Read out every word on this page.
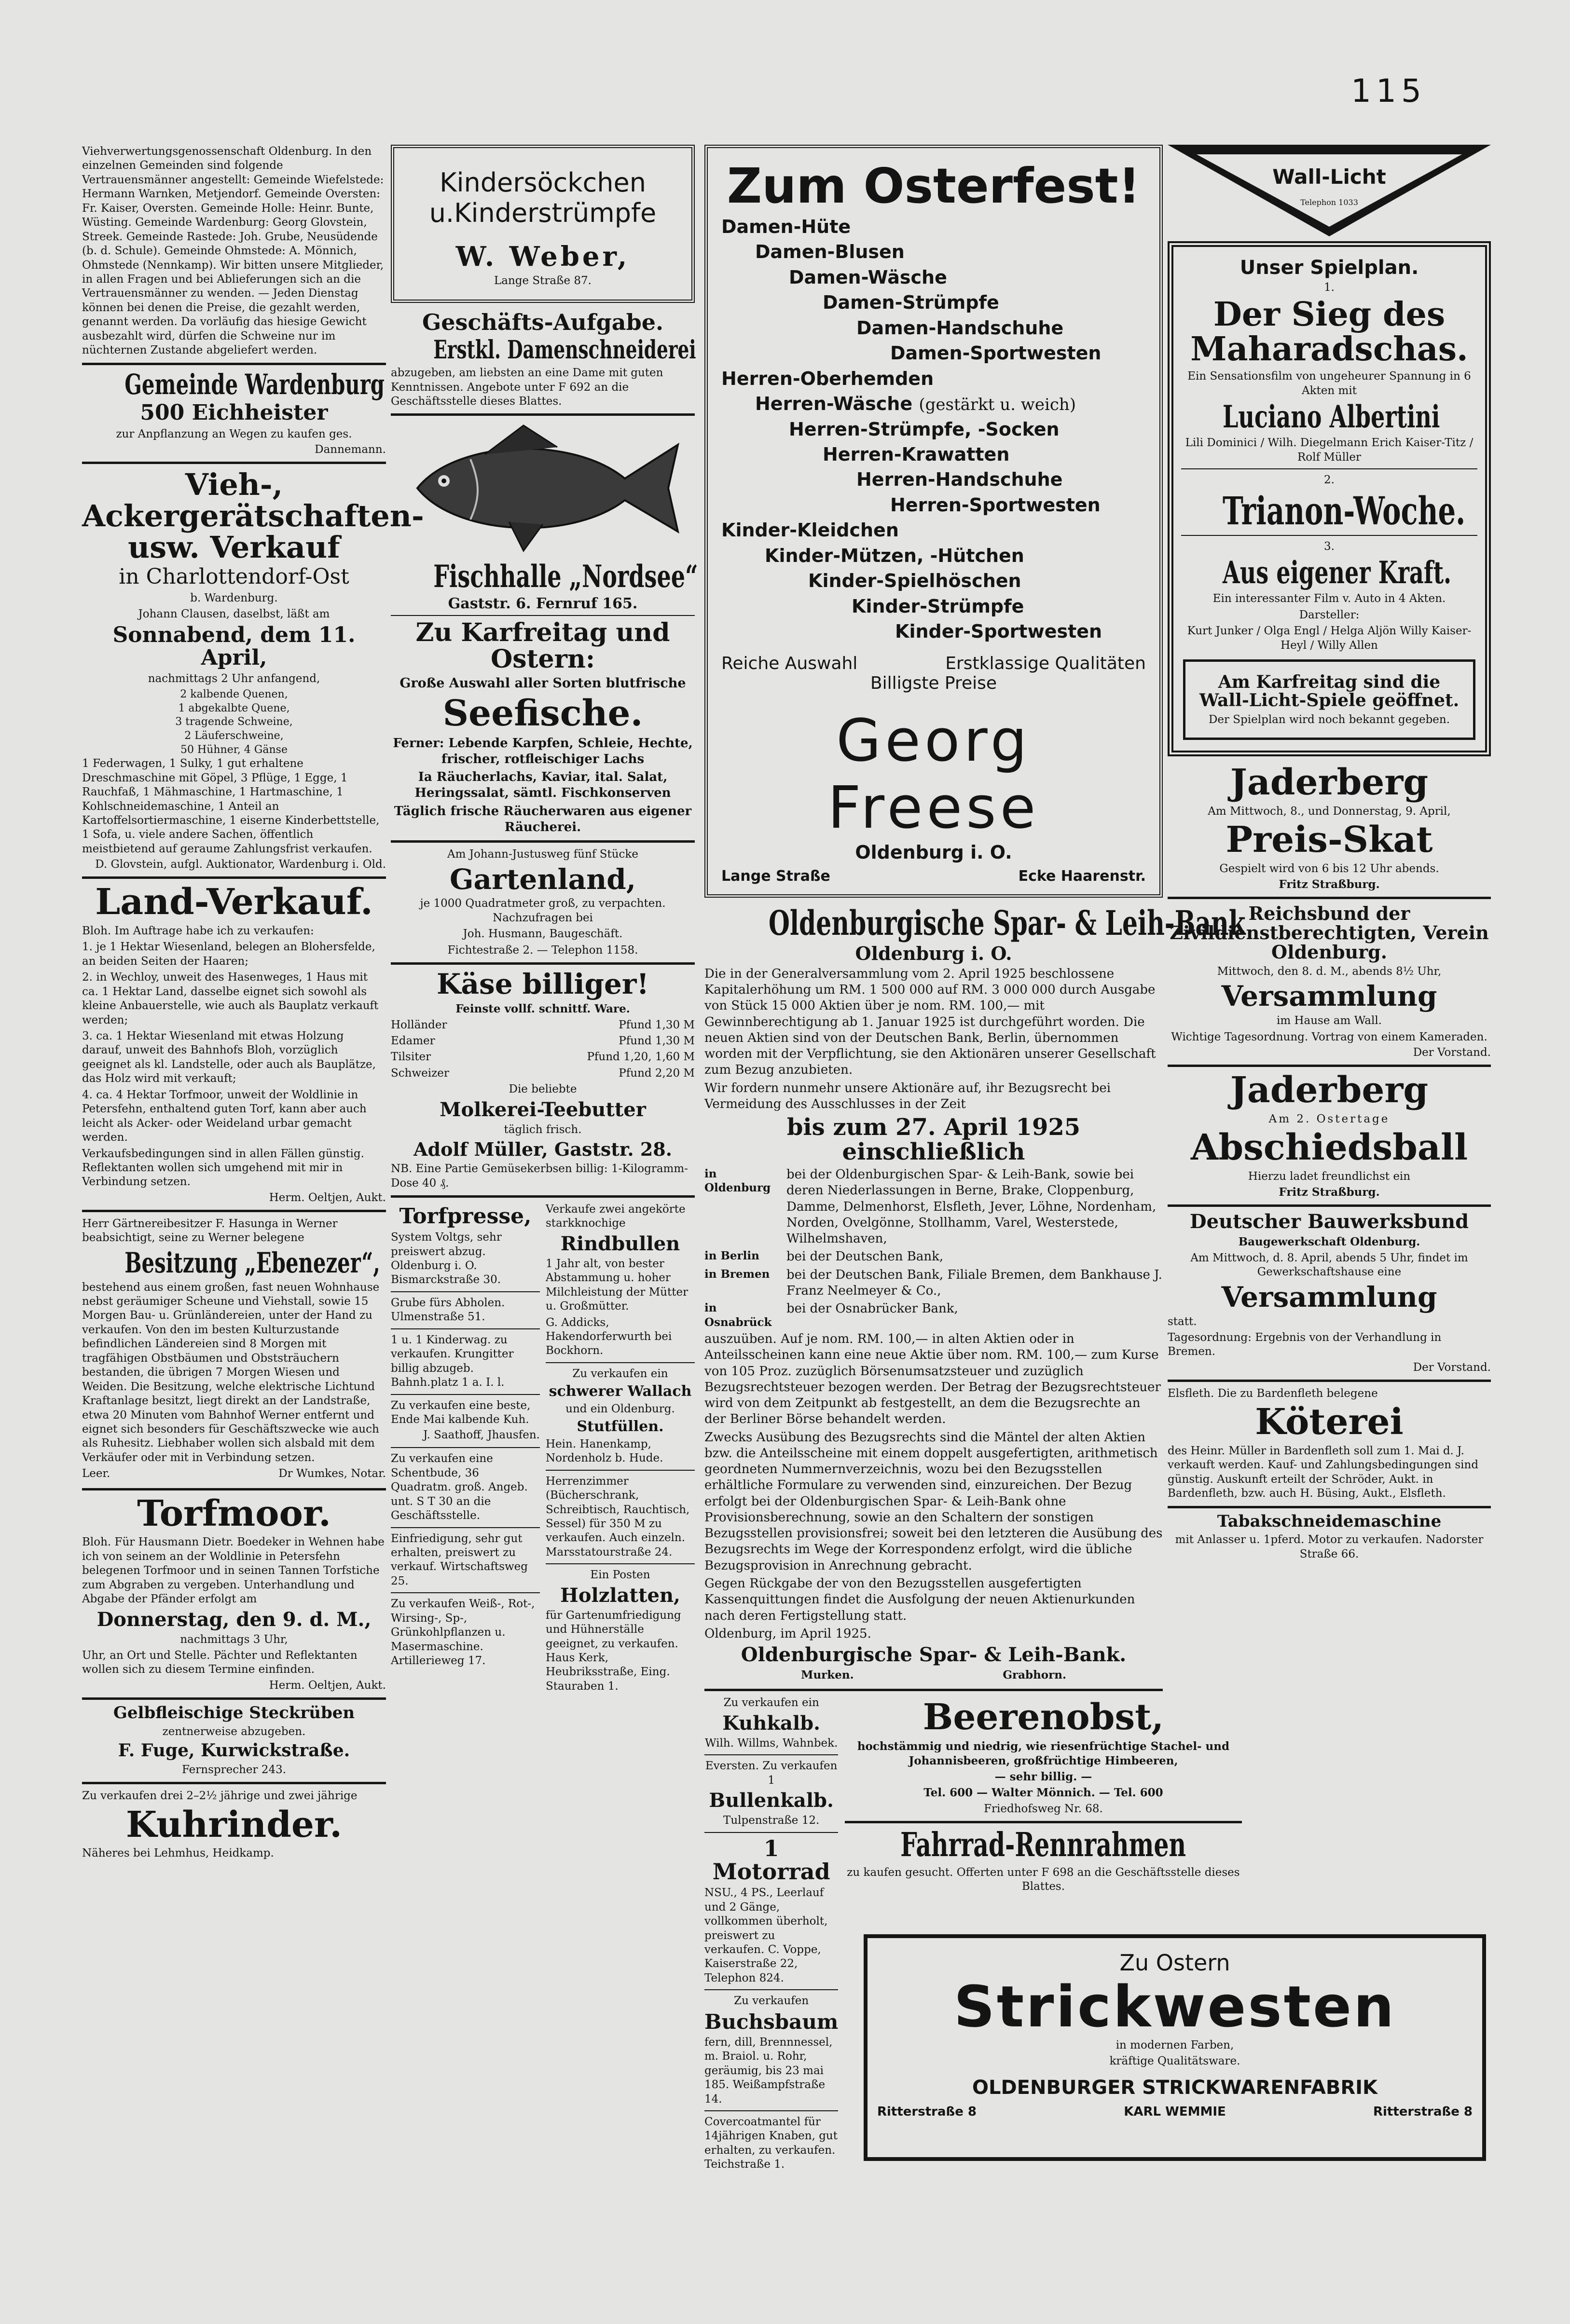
115

Viehverwertungsgenossenschaft Oldenburg. In den einzelnen Gemeinden sind folgende Vertrauensmänner angestellt: Gemeinde Wiefelstede: Hermann Warnken, Metjendorf. Gemeinde Oversten: Fr. Kaiser, Oversten. Gemeinde Holle: Heinr. Bunte, Wüsting. Gemeinde Wardenburg: Georg Glovstein, Streek. Gemeinde Rastede: Joh. Grube, Neusüdende (b. d. Schule). Gemeinde Ohmstede: A. Mönnich, Ohmstede (Nennkamp). Wir bitten unsere Mitglieder, in allen Fragen und bei Ablieferungen sich an die Vertrauensmänner zu wenden. — Jeden Dienstag können bei denen die Preise, die gezahlt werden, genannt werden. Da vorläufig das hiesige Gewicht ausbezahlt wird, dürfen die Schweine nur im nüchternen Zustande abgeliefert werden.

Gemeinde Wardenburg
500 Eichheister

zur Anpflanzung an Wegen zu kaufen ges.

Dannemann.

Vieh-, Ackergerätschaften- usw. Verkauf
in Charlottendorf-Ost

b. Wardenburg.

Johann Clausen, daselbst, läßt am

Sonnabend, dem 11. April,

nachmittags 2 Uhr anfangend,

2 kalbende Quenen,
1 abgekalbte Quene,
3 tragende Schweine,
2 Läuferschweine,
50 Hühner, 4 Gänse

1 Federwagen, 1 Sulky, 1 gut erhaltene Dreschmaschine mit Göpel, 3 Pflüge, 1 Egge, 1 Rauchfaß, 1 Mähmaschine, 1 Hartmaschine, 1 Kohlschneidemaschine, 1 Anteil an Kartoffelsortiermaschine, 1 eiserne Kinderbettstelle, 1 Sofa, u. viele andere Sachen, öffentlich meistbietend auf geraume Zahlungsfrist verkaufen.

D. Glovstein, aufgl. Auktionator, Wardenburg i. Old.

Land-Verkauf.

Bloh. Im Auftrage habe ich zu verkaufen:

1. je 1 Hektar Wiesenland, belegen an Blohersfelde, an beiden Seiten der Haaren;

2. in Wechloy, unweit des Hasenweges, 1 Haus mit ca. 1 Hektar Land, dasselbe eignet sich sowohl als kleine Anbauerstelle, wie auch als Bauplatz verkauft werden;

3. ca. 1 Hektar Wiesenland mit etwas Holzung darauf, unweit des Bahnhofs Bloh, vorzüglich geeignet als kl. Landstelle, oder auch als Bauplätze, das Holz wird mit verkauft;

4. ca. 4 Hektar Torfmoor, unweit der Woldlinie in Petersfehn, enthaltend guten Torf, kann aber auch leicht als Acker- oder Weideland urbar gemacht werden.

Verkaufsbedingungen sind in allen Fällen günstig. Reflektanten wollen sich umgehend mit mir in Verbindung setzen.

Herm. Oeltjen, Aukt.

Herr Gärtnereibesitzer F. Hasunga in Werner beabsichtigt, seine zu Werner belegene

Besitzung „Ebenezer“,

bestehend aus einem großen, fast neuen Wohnhause nebst geräumiger Scheune und Viehstall, sowie 15 Morgen Bau- u. Grünländereien, unter der Hand zu verkaufen. Von den im besten Kulturzustande befindlichen Ländereien sind 8 Morgen mit tragfähigen Obstbäumen und Obststräuchern bestanden, die übrigen 7 Morgen Wiesen und Weiden. Die Besitzung, welche elektrische Lichtund Kraftanlage besitzt, liegt direkt an der Landstraße, etwa 20 Minuten vom Bahnhof Werner entfernt und eignet sich besonders für Geschäftszwecke wie auch als Ruhesitz. Liebhaber wollen sich alsbald mit dem Verkäufer oder mit in Verbindung setzen.

Leer.	Dr Wumkes, Notar.
Torfmoor.

Bloh. Für Hausmann Dietr. Boedeker in Wehnen habe ich von seinem an der Woldlinie in Petersfehn belegenen Torfmoor und in seinen Tannen Torfstiche zum Abgraben zu vergeben. Unterhandlung und Abgabe der Pfänder erfolgt am

Donnerstag, den 9. d. M.,

nachmittags 3 Uhr,

Uhr, an Ort und Stelle. Pächter und Reflektanten wollen sich zu diesem Termine einfinden.

Herm. Oeltjen, Aukt.

Gelbfleischige Steckrüben

zentnerweise abzugeben.

F. Fuge, Kurwickstraße.

Fernsprecher 243.

Zu verkaufen drei 2–2½ jährige und zwei jährige

Kuhrinder.

Näheres bei Lehmhus, Heidkamp.

Kindersöckchen
u.Kinderstrümpfe
W. Weber,
Lange Straße 87.
Geschäfts-Aufgabe.
Erstkl. Damenschneiderei

abzugeben, am liebsten an eine Dame mit guten Kenntnissen. Angebote unter F 692 an die Geschäftsstelle dieses Blattes.

Fischhalle „Nordsee“
Gaststr. 6. Fernruf 165.
Zu Karfreitag und Ostern:

Große Auswahl aller Sorten blutfrische

Seefische.

Ferner: Lebende Karpfen, Schleie, Hechte, frischer, rotfleischiger Lachs

Ia Räucherlachs, Kaviar, ital. Salat, Heringssalat, sämtl. Fischkonserven

Täglich frische Räucherwaren aus eigener Räucherei.

Am Johann-Justusweg fünf Stücke

Gartenland,

je 1000 Quadratmeter groß, zu verpachten. Nachzufragen bei

Joh. Husmann, Baugeschäft.

Fichtestraße 2. — Telephon 1158.

Käse billiger!

Feinste vollf. schnittf. Ware.

Holländer	Pfund 1,30 M
Edamer	Pfund 1,30 M
Tilsiter	Pfund 1,20, 1,60 M
Schweizer	Pfund 2,20 M

Die beliebte

Molkerei-Teebutter

täglich frisch.

Adolf Müller, Gaststr. 28.

NB. Eine Partie Gemüsekerbsen billig: 1-Kilogramm-Dose 40 ₰.

Torfpresse,

System Voltgs, sehr preiswert abzug. Oldenburg i. O. Bismarckstraße 30.

Grube fürs Abholen. Ulmenstraße 51.

1 u. 1 Kinderwag. zu verkaufen. Krungitter billig abzugeb. Bahnh.platz 1 a. I. l.

Zu verkaufen eine beste, Ende Mai kalbende Kuh.

J. Saathoff, Jhausfen.

Zu verkaufen eine Schentbude, 36 Quadratm. groß. Angeb. unt. S T 30 an die Geschäftsstelle.

Einfriedigung, sehr gut erhalten, preiswert zu verkauf. Wirtschaftsweg 25.

Zu verkaufen Weiß-, Rot-, Wirsing-, Sp-, Grünkohlpflanzen u. Masermaschine. Artillerieweg 17.

Verkaufe zwei angekörte starkknochige

Rindbullen

1 Jahr alt, von bester Abstammung u. hoher Milchleistung der Mütter u. Großmütter.

G. Addicks, Hakendorferwurth bei Bockhorn.

Zu verkaufen ein

schwerer Wallach

und ein Oldenburg.

Stutfüllen.

Hein. Hanenkamp, Nordenholz b. Hude.

Herrenzimmer (Bücherschrank, Schreibtisch, Rauchtisch, Sessel) für 350 M zu verkaufen. Auch einzeln. Marsstatourstraße 24.

Ein Posten

Holzlatten,

für Gartenumfriedigung und Hühnerställe geeignet, zu verkaufen. Haus Kerk, Heubriksstraße, Eing. Stauraben 1.

Zum Osterfest!
Damen-Hüte
Damen-Blusen
Damen-Wäsche
Damen-Strümpfe
Damen-Handschuhe
Damen-Sportwesten
Herren-Oberhemden
Herren-Wäsche (gestärkt u. weich)
Herren-Strümpfe, -Socken
Herren-Krawatten
Herren-Handschuhe
Herren-Sportwesten
Kinder-Kleidchen
Kinder-Mützen, -Hütchen
Kinder-Spielhöschen
Kinder-Strümpfe
Kinder-Sportwesten
Reiche Auswahl	Erstklassige Qualitäten
Billigste Preise
Georg Freese
Oldenburg i. O.
Lange Straße	Ecke Haarenstr.
Oldenburgische Spar- & Leih-Bank
Oldenburg i. O.

Die in der Generalversammlung vom 2. April 1925 beschlossene Kapitalerhöhung um RM. 1 500 000 auf RM. 3 000 000 durch Ausgabe von Stück 15 000 Aktien über je nom. RM. 100,— mit Gewinnberechtigung ab 1. Januar 1925 ist durchgeführt worden. Die neuen Aktien sind von der Deutschen Bank, Berlin, übernommen worden mit der Verpflichtung, sie den Aktionären unserer Gesellschaft zum Bezug anzubieten.

Wir fordern nunmehr unsere Aktionäre auf, ihr Bezugsrecht bei Vermeidung des Ausschlusses in der Zeit

bis zum 27. April 1925 einschließlich
in Oldenburg
bei der Oldenburgischen Spar- & Leih-Bank, sowie bei deren Niederlassungen in Berne, Brake, Cloppenburg, Damme, Delmenhorst, Elsfleth, Jever, Löhne, Nordenham, Norden, Ovelgönne, Stollhamm, Varel, Westerstede, Wilhelmshaven,
in Berlin	bei der Deutschen Bank,
in Bremen	bei der Deutschen Bank, Filiale Bremen, dem Bankhause J. Franz Neelmeyer & Co.,
in Osnabrück
bei der Osnabrücker Bank,

auszuüben. Auf je nom. RM. 100,— in alten Aktien oder in Anteilsscheinen kann eine neue Aktie über nom. RM. 100,— zum Kurse von 105 Proz. zuzüglich Börsenumsatzsteuer und zuzüglich Bezugsrechtsteuer bezogen werden. Der Betrag der Bezugsrechtsteuer wird von dem Zeitpunkt ab festgestellt, an dem die Bezugsrechte an der Berliner Börse behandelt werden.

Zwecks Ausübung des Bezugsrechts sind die Mäntel der alten Aktien bzw. die Anteilsscheine mit einem doppelt ausgefertigten, arithmetisch geordneten Nummernverzeichnis, wozu bei den Bezugsstellen erhältliche Formulare zu verwenden sind, einzureichen. Der Bezug erfolgt bei der Oldenburgischen Spar- & Leih-Bank ohne Provisionsberechnung, sowie an den Schaltern der sonstigen Bezugsstellen provisionsfrei; soweit bei den letzteren die Ausübung des Bezugsrechts im Wege der Korrespondenz erfolgt, wird die übliche Bezugsprovision in Anrechnung gebracht.

Gegen Rückgabe der von den Bezugsstellen ausgefertigten Kassenquittungen findet die Ausfolgung der neuen Aktienurkunden nach deren Fertigstellung statt.

Oldenburg, im April 1925.

Oldenburgische Spar- & Leih-Bank.
Murken.	Grabhorn.

Zu verkaufen ein

Kuhkalb.

Wilh. Willms, Wahnbek.

Eversten. Zu verkaufen 1

Bullenkalb.

Tulpenstraße 12.

1 Motorrad

NSU., 4 PS., Leerlauf und 2 Gänge, vollkommen überholt, preiswert zu verkaufen. C. Voppe, Kaiserstraße 22, Telephon 824.

Zu verkaufen

Buchsbaum

fern, dill, Brennnessel, m. Braiol. u. Rohr, geräumig, bis 23 mai 185. Weißampfstraße 14.

Covercoatmantel für 14jährigen Knaben, gut erhalten, zu verkaufen. Teichstraße 1.

Beerenobst,

hochstämmig und niedrig, wie riesenfrüchtige Stachel- und Johannisbeeren, großfrüchtige Himbeeren,

— sehr billig. —

Tel. 600 — Walter Mönnich. — Tel. 600

Friedhofsweg Nr. 68.

Fahrrad-Rennrahmen

zu kaufen gesucht. Offerten unter F 698 an die Geschäftsstelle dieses Blattes.

Wall-Licht
Telephon 1033
Unser Spielplan.

1.

Der Sieg des Maharadschas.

Ein Sensationsfilm von ungeheurer Spannung in 6 Akten mit

Luciano Albertini

Lili Dominici / Wilh. Diegelmann Erich Kaiser-Titz / Rolf Müller

2.

Trianon-Woche.

3.

Aus eigener Kraft.

Ein interessanter Film v. Auto in 4 Akten.

Darsteller:

Kurt Junker / Olga Engl / Helga Aljön Willy Kaiser-Heyl / Willy Allen

Am Karfreitag sind die Wall-Licht-Spiele geöffnet.

Der Spielplan wird noch bekannt gegeben.

Jaderberg

Am Mittwoch, 8., und Donnerstag, 9. April,

Preis-Skat

Gespielt wird von 6 bis 12 Uhr abends.

Fritz Straßburg.

Reichsbund der Zivildienstberechtigten, Verein Oldenburg.

Mittwoch, den 8. d. M., abends 8½ Uhr,

Versammlung

im Hause am Wall.

Wichtige Tagesordnung. Vortrag von einem Kameraden.

Der Vorstand.

Jaderberg

Am 2. Ostertage

Abschiedsball

Hierzu ladet freundlichst ein

Fritz Straßburg.

Deutscher Bauwerksbund

Baugewerkschaft Oldenburg.

Am Mittwoch, d. 8. April, abends 5 Uhr, findet im Gewerkschaftshause eine

Versammlung

statt.

Tagesordnung: Ergebnis von der Verhandlung in Bremen.

Der Vorstand.

Elsfleth. Die zu Bardenfleth belegene

Köterei

des Heinr. Müller in Bardenfleth soll zum 1. Mai d. J. verkauft werden. Kauf- und Zahlungsbedingungen sind günstig. Auskunft erteilt der Schröder, Aukt. in Bardenfleth, bzw. auch H. Büsing, Aukt., Elsfleth.

Tabakschneidemaschine

mit Anlasser u. 1pferd. Motor zu verkaufen. Nadorster Straße 66.

Zu Ostern
Strickwesten
in modernen Farben,
kräftige Qualitätsware.
OLDENBURGER STRICKWARENFABRIK
Ritterstraße 8	KARL WEMMIE	Ritterstraße 8
